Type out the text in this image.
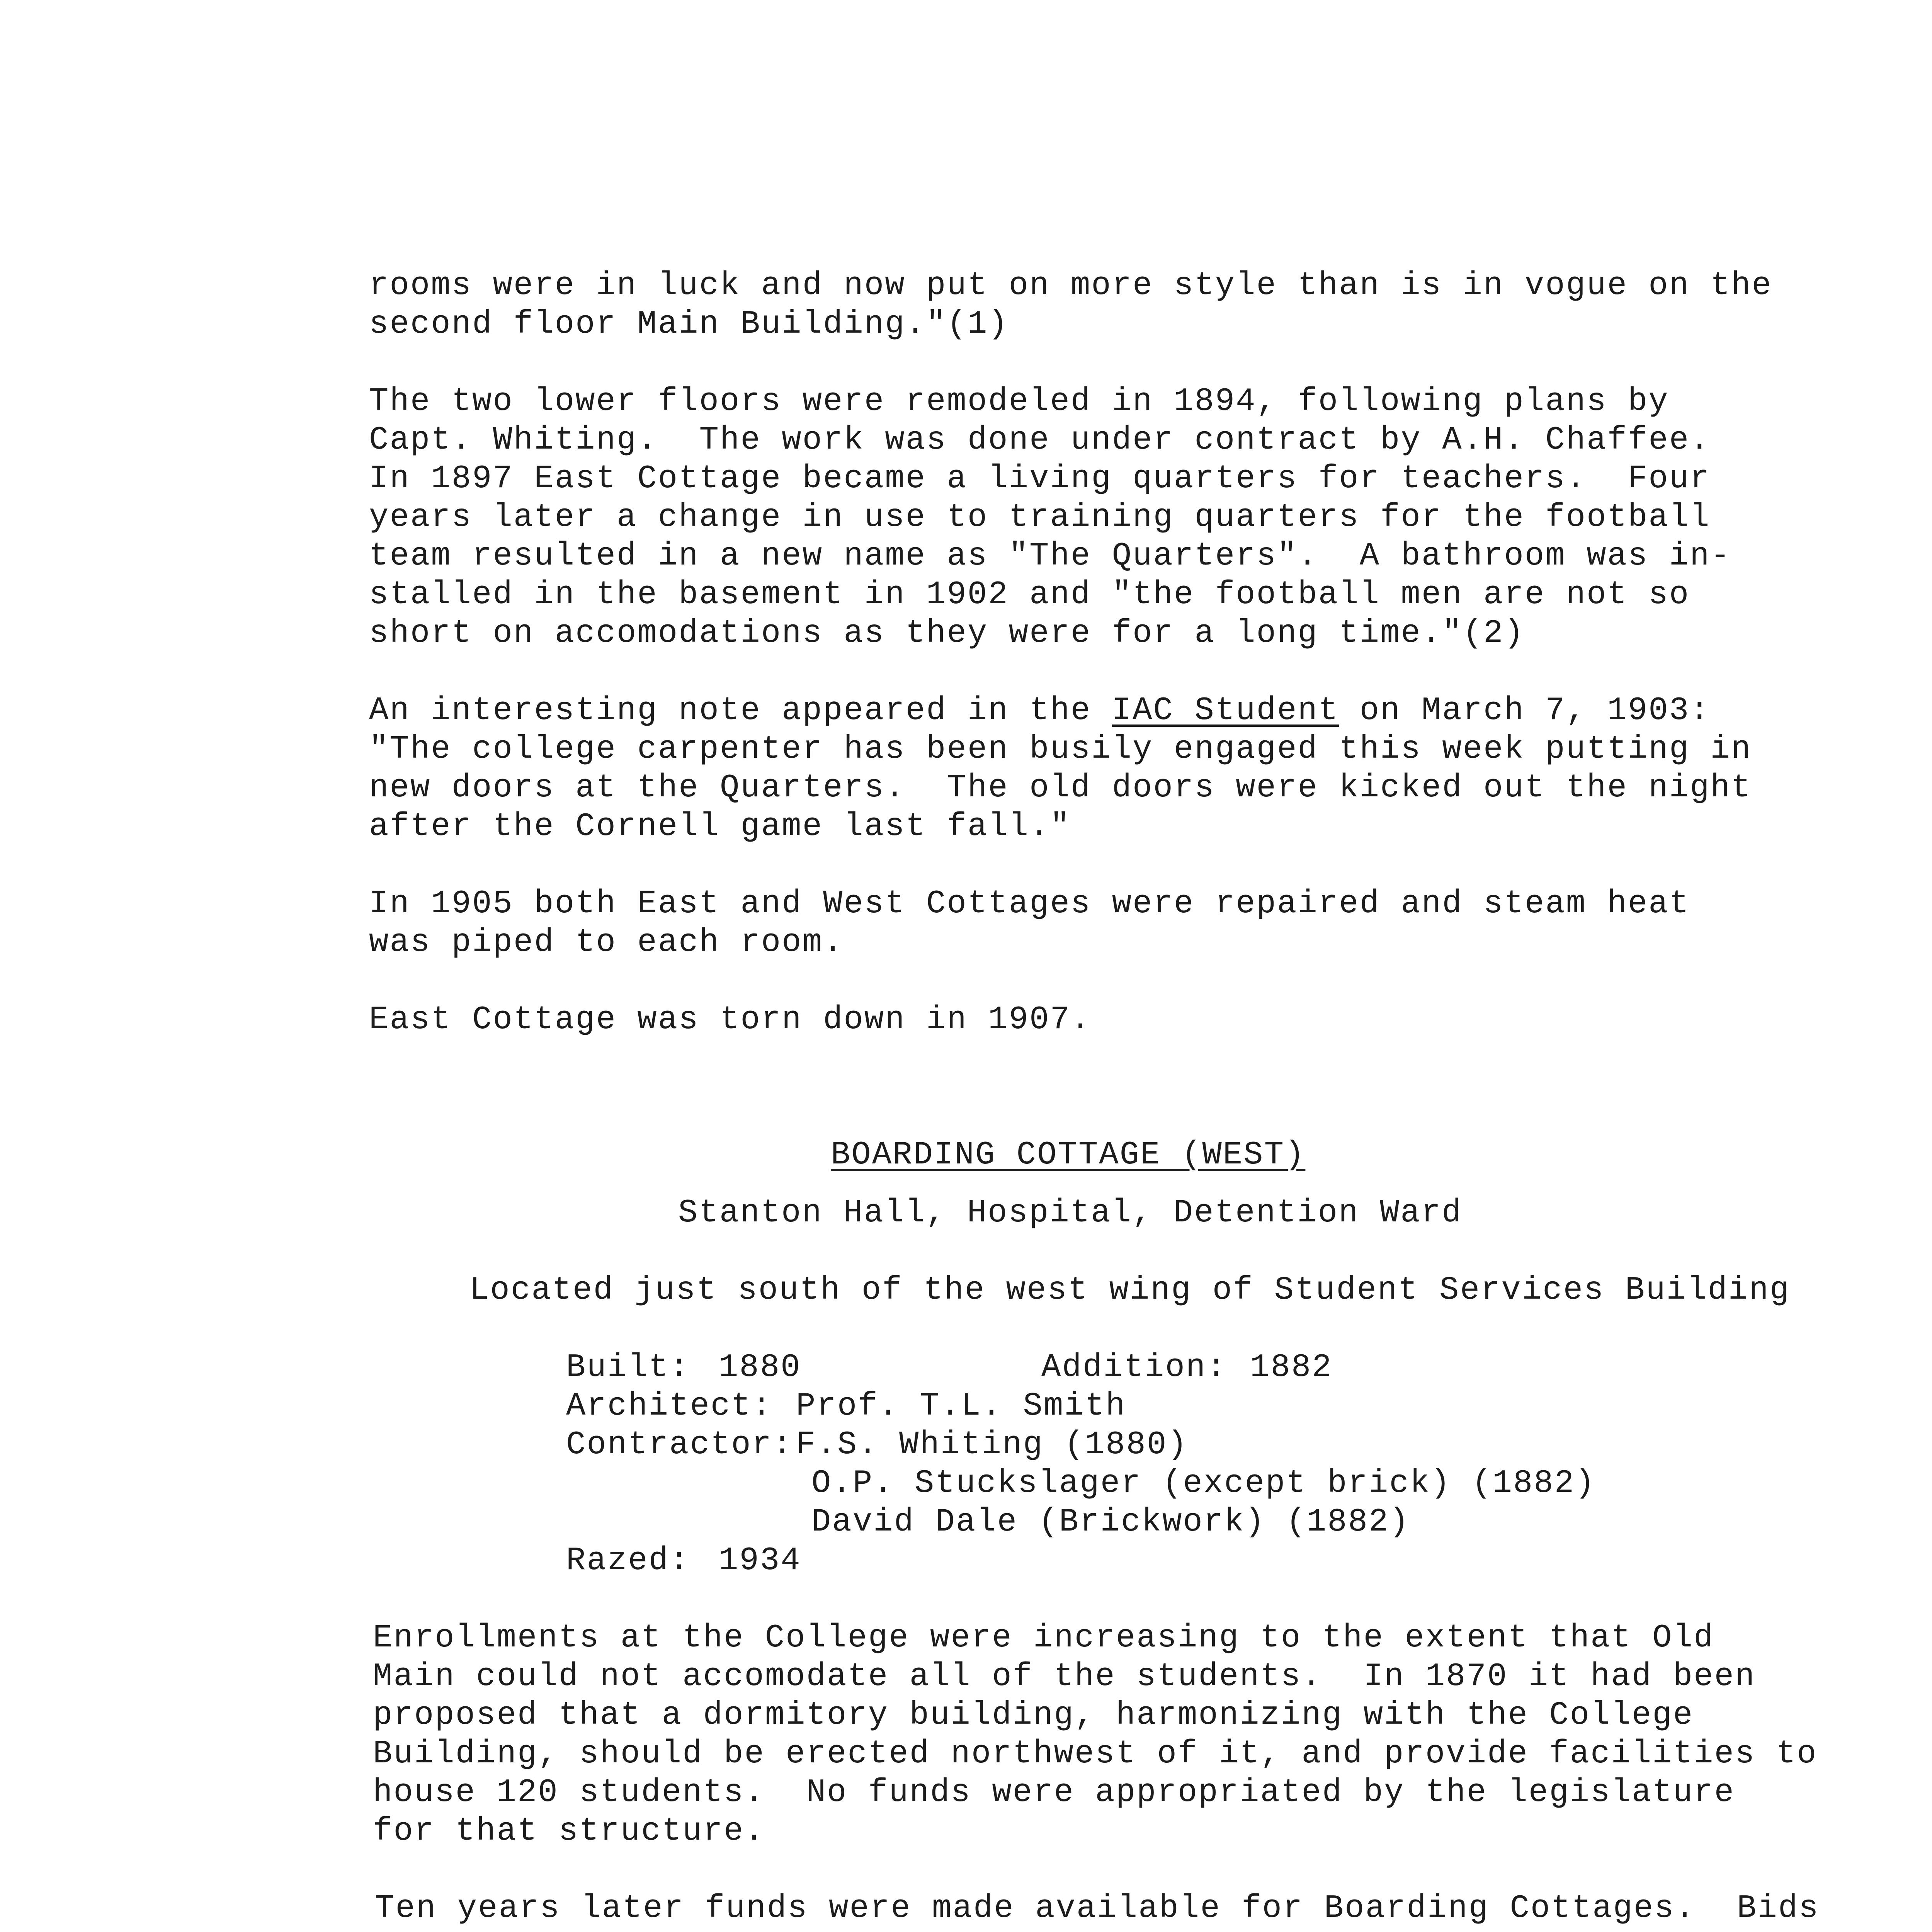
rooms were in luck and now put on more style than is in vogue on the
second floor Main Building."(1)
The two lower floors were remodeled in 1894, following plans by
Capt. Whiting.  The work was done under contract by A.H. Chaffee.
In 1897 East Cottage became a living quarters for teachers.  Four
years later a change in use to training quarters for the football
team resulted in a new name as "The Quarters".  A bathroom was in-
stalled in the basement in 1902 and "the football men are not so
short on accomodations as they were for a long time."(2)
An interesting note appeared in the IAC Student on March 7, 1903:
"The college carpenter has been busily engaged this week putting in
new doors at the Quarters.  The old doors were kicked out the night
after the Cornell game last fall."
In 1905 both East and West Cottages were repaired and steam heat
was piped to each room.
East Cottage was torn down in 1907.
BOARDING COTTAGE (WEST)
Stanton Hall, Hospital, Detention Ward
Located just south of the west wing of Student Services Building
Built: 1880	Addition: 1882
Architect: Prof. T.L. Smith
Contractor: F.S. Whiting (1880)
O.P. Stuckslager (except brick) (1882)
David Dale (Brickwork) (1882)
Razed: 1934
Enrollments at the College were increasing to the extent that Old
Main could not accomodate all of the students.  In 1870 it had been
proposed that a dormitory building, harmonizing with the College
Building, should be erected northwest of it, and provide facilities to
house 120 students.  No funds were appropriated by the legislature
for that structure.
Ten years later funds were made available for Boarding Cottages.  Bids
